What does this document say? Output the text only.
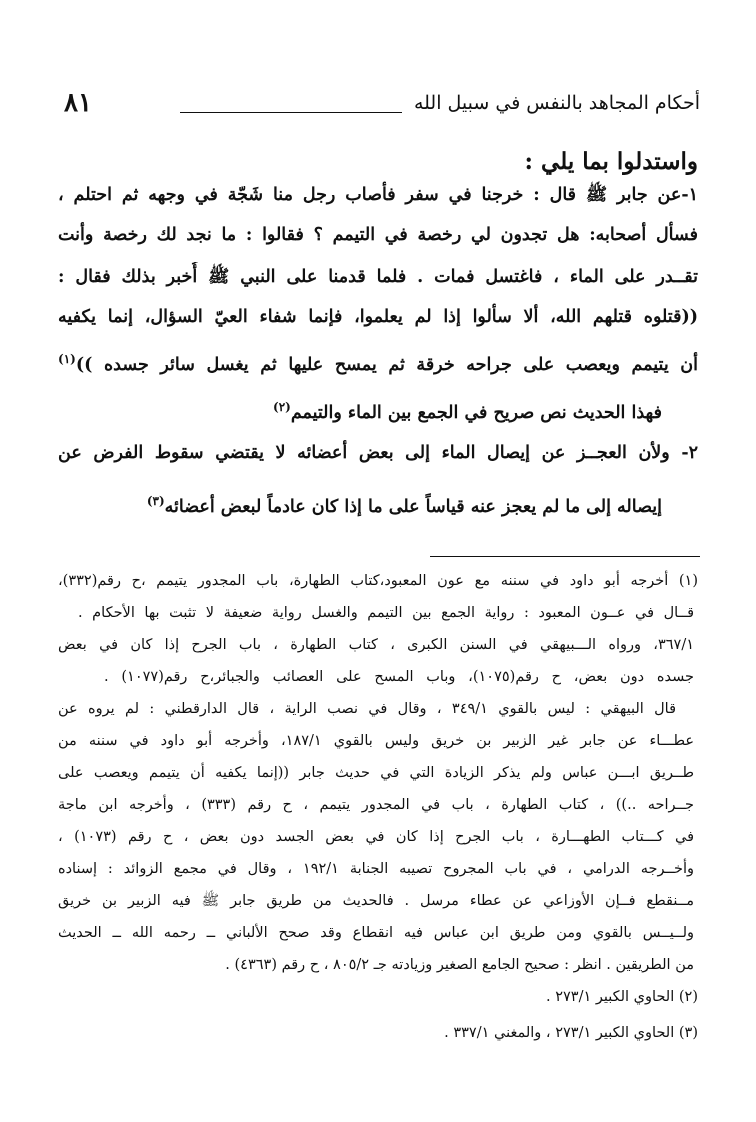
٨١	أحكام المجاهد بالنفس في سبيل الله
واستدلوا بما يلي :
١-عن جابر ﷺ قال : خرجنا في سفر فأصاب رجل منا شَجّة في وجهه ثم احتلم ،
فسأل أصحابه: هل تجدون لي رخصة في التيمم ؟ فقالوا : ما نجد لك رخصة وأنت
تقــدر على الماء ، فاغتسل فمات . فلما قدمنا على النبي ﷺ أُخبر بذلك فقال :
((قتلوه قتلهم الله، ألا سألوا إذا لم يعلموا، فإنما شفاء العيّ السؤال، إنما يكفيه
أن يتيمم ويعصب على جراحه خرقة ثم يمسح عليها ثم يغسل سائر جسده ))$^{(١)}$
فهذا الحديث نص صريح في الجمع بين الماء والتيمم$^{(٢)}$
٢- ولأن العجــز عن إيصال الماء إلى بعض أعضائه لا يقتضي سقوط الفرض عن
إيصاله إلى ما لم يعجز عنه قياساً على ما إذا كان عادماً لبعض أعضائه$^{(٣)}$
(١) أخرجه أبو داود في سننه مع عون المعبود،كتاب الطهارة، باب المجدور يتيمم ،ح رقم(٣٣٢)،
قــال في عــون المعبود : رواية الجمع بين التيمم والغسل رواية ضعيفة لا تثبت بها الأحكام .
٣٦٧/١، ورواه الـــبيهقي في السنن الكبرى ، كتاب الطهارة ، باب الجرح إذا كان في بعض
جسده دون بعض، ح رقم(١٠٧٥)، وباب المسح على العصائب والجبائر،ح رقم(١٠٧٧) .
قال البيهقي : ليس بالقوي ٣٤٩/١ ، وقال في نصب الراية ، قال الدارقطني : لم يروه عن
عطـــاء عن جابر غير الزبير بن خريق وليس بالقوي ١٨٧/١، وأخرجه أبو داود في سننه من
طــريق ابـــن عباس ولم يذكر الزيادة التي في حديث جابر ((إنما يكفيه أن يتيمم ويعصب على
جــراحه ..)) ، كتاب الطهارة ، باب في المجدور يتيمم ، ح رقم (٣٣٣) ، وأخرجه ابن ماجة
في كـــتاب الطهـــارة ، باب الجرح إذا كان في بعض الجسد دون بعض ، ح رقم (١٠٧٣) ،
وأخــرجه الدرامي ، في باب المجروح تصيبه الجنابة ١٩٢/١ ، وقال في مجمع الزوائد : إسناده
مــنقطع فــإن الأوزاعي عن عطاء مرسل . فالحديث من طريق جابر ﷺ فيه الزبير بن خريق
ولــيــس بالقوي ومن طريق ابن عباس فيه انقطاع وقد صحح الألباني ــ رحمه الله ــ الحديث
من الطريقين . انظر : صحيح الجامع الصغير وزيادته جـ ٨٠٥/٢ ، ح رقم (٤٣٦٣) .
(٢) الحاوي الكبير ٢٧٣/١ .
(٣) الحاوي الكبير ٢٧٣/١ ، والمغني ٣٣٧/١ .
